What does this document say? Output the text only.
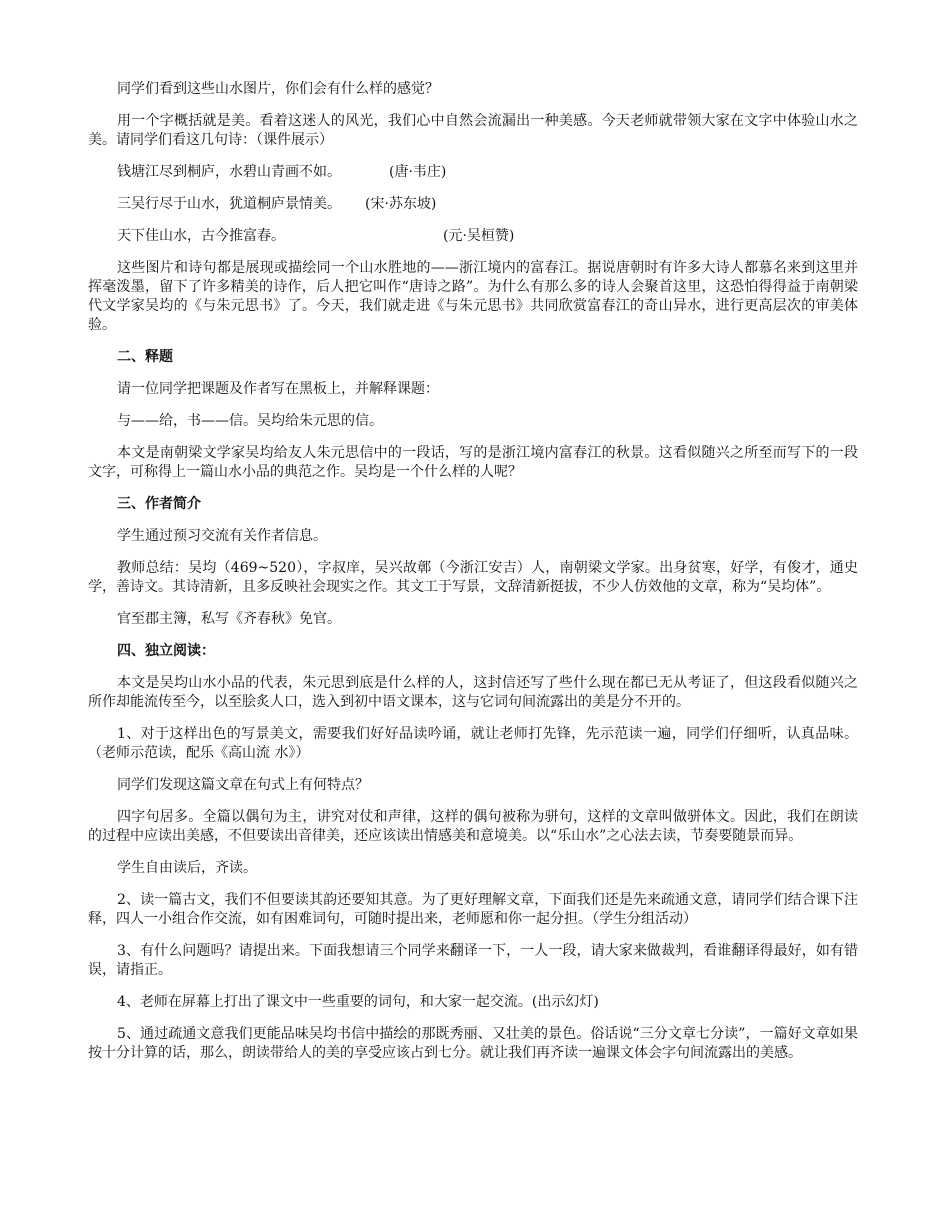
同学们看到这些山水图片，你们会有什么样的感觉？

用一个字概括就是美。看着这迷人的风光，我们心中自然会流漏出一种美感。今天老师就带领大家在文字中体验山水之美。请同学们看这几句诗：（课件展示）

钱塘江尽到桐庐，水碧山青画不如。	(唐·韦庄)
三吴行尽于山水，犹道桐庐景情美。 (宋·苏东坡)
天下佳山水，古今推富春。	(元·吴桓赞)

这些图片和诗句都是展现或描绘同一个山水胜地的——浙江境内的富春江。据说唐朝时有许多大诗人都慕名来到这里并挥毫泼墨，留下了许多精美的诗作，后人把它叫作“唐诗之路”。为什么有那么多的诗人会聚首这里，这恐怕得得益于南朝梁代文学家吴均的《与朱元思书》了。今天，我们就走进《与朱元思书》共同欣赏富春江的奇山异水，进行更高层次的审美体验。

二、释题

请一位同学把课题及作者写在黑板上，并解释课题：

与——给，书——信。吴均给朱元思的信。

本文是南朝梁文学家吴均给友人朱元思信中的一段话，写的是浙江境内富春江的秋景。这看似随兴之所至而写下的一段文字，可称得上一篇山水小品的典范之作。吴均是一个什么样的人呢？

三、作者简介

学生通过预习交流有关作者信息。

教师总结：吴均（469~520），字叔庠，吴兴故鄣（今浙江安吉）人，南朝梁文学家。出身贫寒，好学，有俊才，通史学，善诗文。其诗清新，且多反映社会现实之作。其文工于写景，文辞清新挺拔，不少人仿效他的文章，称为“吴均体”。

官至郡主簿，私写《齐春秋》免官。

四、独立阅读：

本文是吴均山水小品的代表，朱元思到底是什么样的人，这封信还写了些什么现在都已无从考证了，但这段看似随兴之所作却能流传至今，以至脍炙人口，选入到初中语文课本，这与它词句间流露出的美是分不开的。

1、对于这样出色的写景美文，需要我们好好品读吟诵，就让老师打先锋，先示范读一遍，同学们仔细听，认真品味。（老师示范读，配乐《高山流 水》）

同学们发现这篇文章在句式上有何特点？

四字句居多。全篇以偶句为主，讲究对仗和声律，这样的偶句被称为骈句，这样的文章叫做骈体文。因此，我们在朗读的过程中应读出美感，不但要读出音律美，还应该读出情感美和意境美。以“乐山水”之心法去读，节奏要随景而异。

学生自由读后，齐读。

2、读一篇古文，我们不但要读其韵还要知其意。为了更好理解文章，下面我们还是先来疏通文意，请同学们结合课下注释，四人一小组合作交流，如有困难词句，可随时提出来，老师愿和你一起分担。（学生分组活动）

3、有什么问题吗？请提出来。下面我想请三个同学来翻译一下，一人一段，请大家来做裁判，看谁翻译得最好，如有错误，请指正。

4、老师在屏幕上打出了课文中一些重要的词句，和大家一起交流。(出示幻灯)

5、通过疏通文意我们更能品味吴均书信中描绘的那既秀丽、又壮美的景色。俗话说“三分文章七分读”，一篇好文章如果按十分计算的话，那么，朗读带给人的美的享受应该占到七分。就让我们再齐读一遍课文体会字句间流露出的美感。
